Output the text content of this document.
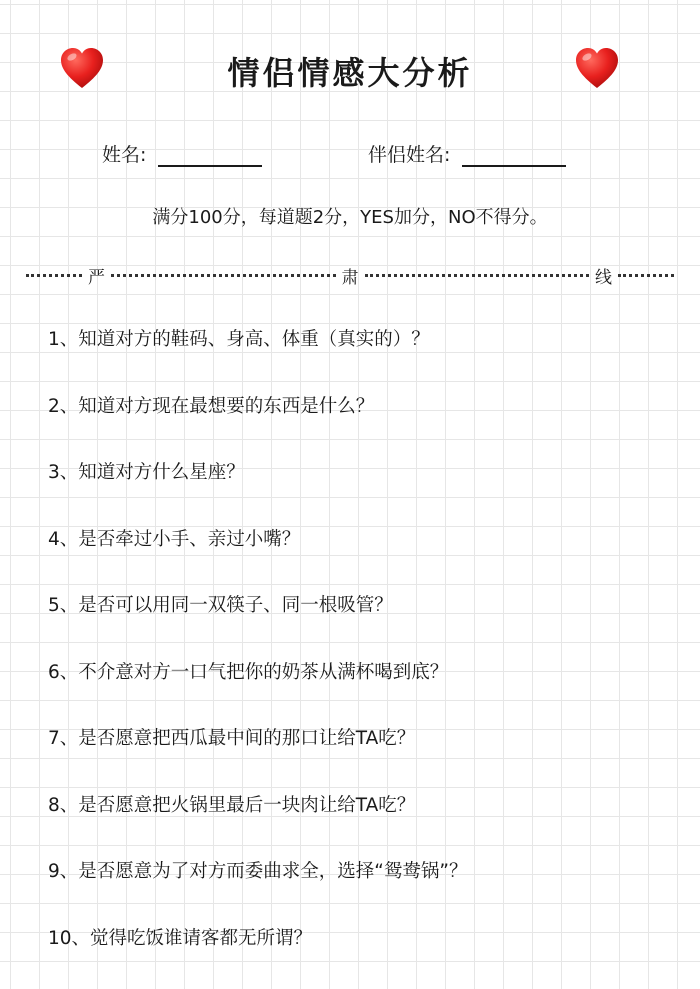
情侣情感大分析
姓名:	伴侣姓名:
满分100分，每道题2分，YES加分，NO不得分。
严	肃	线
1、知道对方的鞋码、身高、体重（真实的）？
2、知道对方现在最想要的东西是什么？
3、知道对方什么星座？
4、是否牵过小手、亲过小嘴？
5、是否可以用同一双筷子、同一根吸管？
6、不介意对方一口气把你的奶茶从满杯喝到底？
7、是否愿意把西瓜最中间的那口让给TA吃？
8、是否愿意把火锅里最后一块肉让给TA吃？
9、是否愿意为了对方而委曲求全，选择“鸳鸯锅”？
10、觉得吃饭谁请客都无所谓？
